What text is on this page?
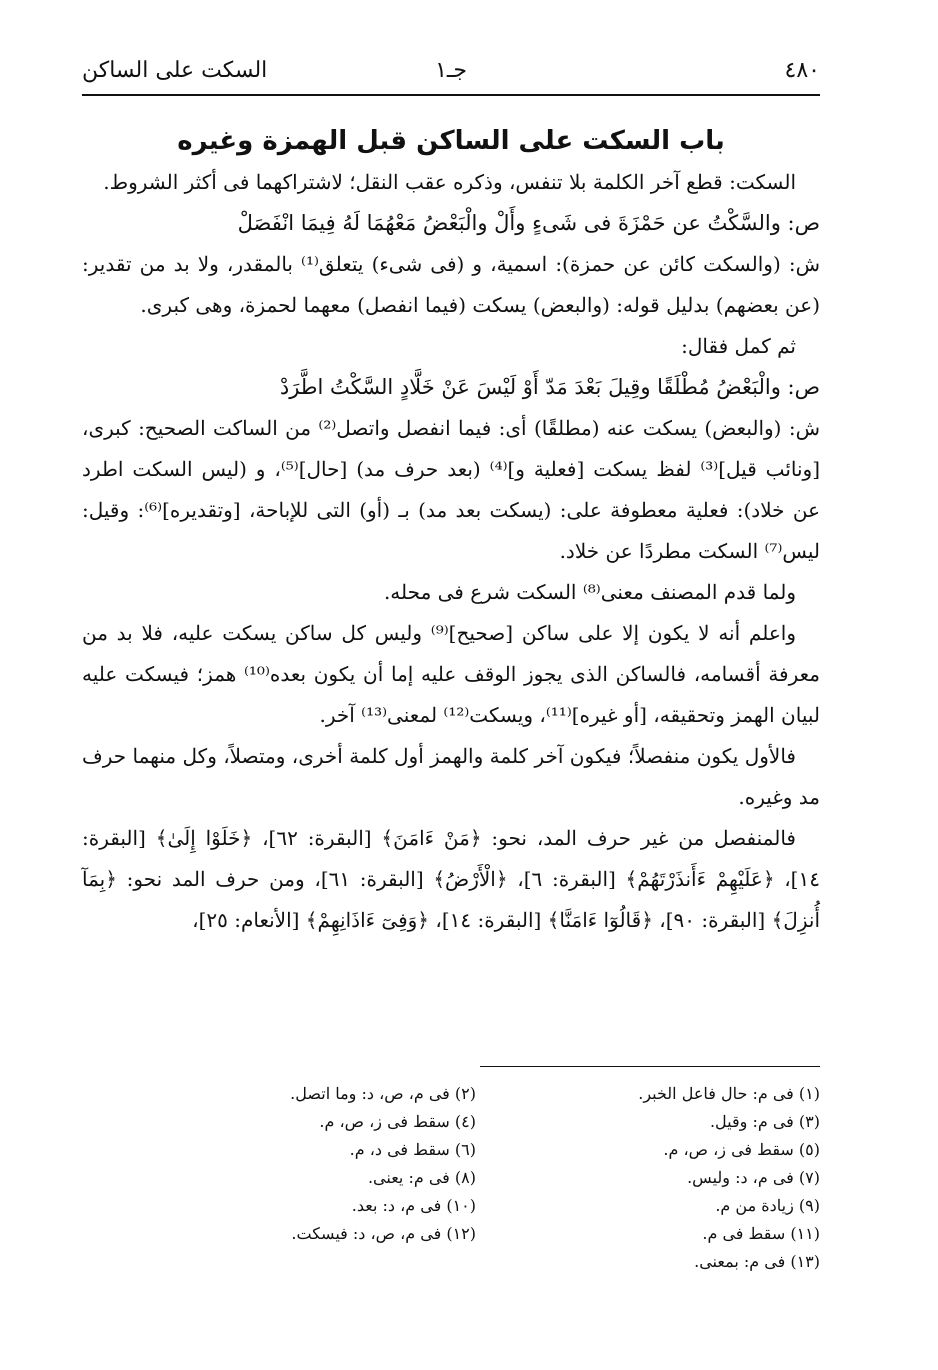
٤٨٠
جـ١
السكت على الساكن
باب السكت على الساكن قبل الهمزة وغيره

السكت: قطع آخر الكلمة بلا تنفس، وذكره عقب النقل؛ لاشتراكهما فى أكثر الشروط.

ص: والسَّكْتُ عن حَمْزَةَ فى شَىءٍ وأَلْ والْبَعْضُ مَعْهُمَا لَهُ فِيمَا انْفَصَلْ

ش: (والسكت كائن عن حمزة): اسمية، و (فى شىء) يتعلق⁽¹⁾ بالمقدر، ولا بد من تقدير: (عن بعضهم) بدليل قوله: (والبعض) يسكت (فيما انفصل) معهما لحمزة، وهى كبرى.

ثم كمل فقال:

ص: والْبَعْضُ مُطْلَقًا وقِيلَ بَعْدَ مَدّ أَوْ لَيْسَ عَنْ خَلَّادٍ السَّكْتُ اطَّرَدْ

ش: (والبعض) يسكت عنه (مطلقًا) أى: فيما انفصل واتصل⁽²⁾ من الساكت الصحيح: كبرى، [ونائب قيل]⁽³⁾ لفظ يسكت [فعلية و]⁽⁴⁾ (بعد حرف مد) [حال]⁽⁵⁾، و (ليس السكت اطرد عن خلاد): فعلية معطوفة على: (يسكت بعد مد) بـ (أو) التى للإباحة، [وتقديره]⁽⁶⁾: وقيل: ليس⁽⁷⁾ السكت مطردًا عن خلاد.

ولما قدم المصنف معنى⁽⁸⁾ السكت شرع فى محله.

واعلم أنه لا يكون إلا على ساكن [صحيح]⁽⁹⁾ وليس كل ساكن يسكت عليه، فلا بد من معرفة أقسامه، فالساكن الذى يجوز الوقف عليه إما أن يكون بعده⁽¹⁰⁾ همز؛ فيسكت عليه لبيان الهمز وتحقيقه، [أو غيره]⁽¹¹⁾، ويسكت⁽¹²⁾ لمعنى⁽¹³⁾ آخر.

فالأول يكون منفصلاً؛ فيكون آخر كلمة والهمز أول كلمة أخرى، ومتصلاً، وكل منهما حرف مد وغيره.

فالمنفصل من غير حرف المد، نحو: ﴿مَنْ ءَامَنَ﴾ [البقرة: ٦٢]، ﴿خَلَوْا إِلَىٰ﴾ [البقرة: ١٤]، ﴿عَلَيْهِمْ ءَأَنذَرْتَهُمْ﴾ [البقرة: ٦]، ﴿الْأَرْضُ﴾ [البقرة: ٦١]، ومن حرف المد نحو: ﴿بِمَآ أُنزِلَ﴾ [البقرة: ٩٠]، ﴿قَالُوٓا ءَامَنَّا﴾ [البقرة: ١٤]، ﴿وَفِىٓ ءَاذَانِهِمْ﴾ [الأنعام: ٢٥]،

(١) فى م: حال فاعل الخبر.
(٢) فى م، ص، د: وما اتصل.
(٣) فى م: وقيل.
(٤) سقط فى ز، ص، م.
(٥) سقط فى ز، ص، م.
(٦) سقط فى د، م.
(٧) فى م، د: وليس.
(٨) فى م: يعنى.
(٩) زيادة من م.
(١٠) فى م، د: بعد.
(١١) سقط فى م.
(١٢) فى م، ص، د: فيسكت.
(١٣) فى م: بمعنى.
